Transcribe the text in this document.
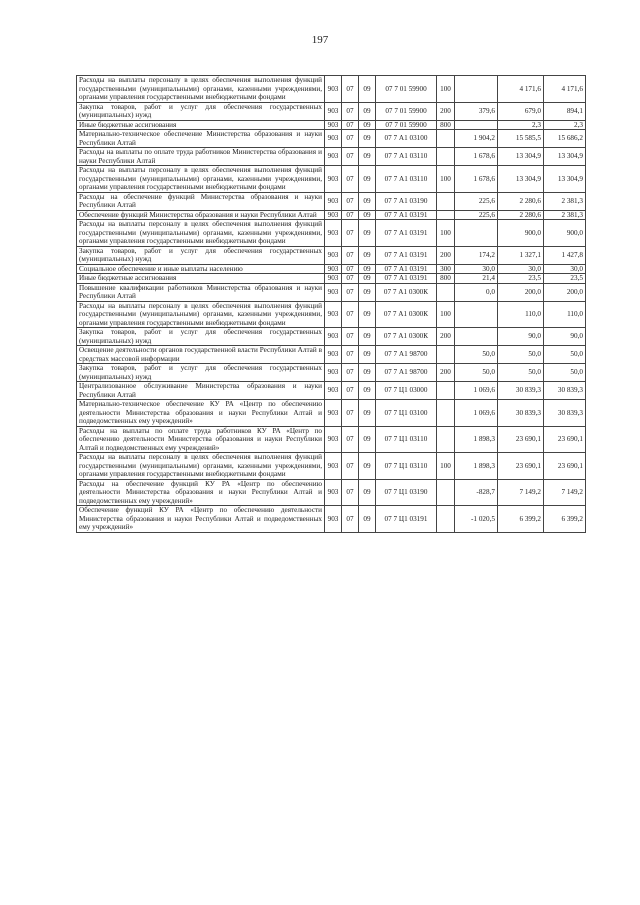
197
Расходы на выплаты персоналу в целях обеспечения выполнения функций государственными (муниципальными) органами, казенными учреждениями, органами управления государственными внебюджетными фондами	903	07	09	07 7 01 59900	100		4 171,6	4 171,6
Закупка товаров, работ и услуг для обеспечения государственных (муниципальных) нужд	903	07	09	07 7 01 59900	200	379,6	679,0	894,1
Иные бюджетные ассигнования	903	07	09	07 7 01 59900	800		2,3	2,3
Материально-техническое обеспечение Министерства образования и науки Республики Алтай	903	07	09	07 7 А1 03100		1 904,2	15 585,5	15 686,2
Расходы на выплаты по оплате труда работников Министерства образования и науки Республики Алтай	903	07	09	07 7 А1 03110		1 678,6	13 304,9	13 304,9
Расходы на выплаты персоналу в целях обеспечения выполнения функций государственными (муниципальными) органами, казенными учреждениями, органами управления государственными внебюджетными фондами	903	07	09	07 7 А1 03110	100	1 678,6	13 304,9	13 304,9
Расходы на обеспечение функций Министерства образования и науки Республики Алтай	903	07	09	07 7 А1 03190		225,6	2 280,6	2 381,3
Обеспечение функций Министерства образования и науки Республики Алтай	903	07	09	07 7 А1 03191		225,6	2 280,6	2 381,3
Расходы на выплаты персоналу в целях обеспечения выполнения функций государственными (муниципальными) органами, казенными учреждениями, органами управления государственными внебюджетными фондами	903	07	09	07 7 А1 03191	100		900,0	900,0
Закупка товаров, работ и услуг для обеспечения государственных (муниципальных) нужд	903	07	09	07 7 А1 03191	200	174,2	1 327,1	1 427,8
Социальное обеспечение и иные выплаты населению	903	07	09	07 7 А1 03191	300	30,0	30,0	30,0
Иные бюджетные ассигнования	903	07	09	07 7 А1 03191	800	21,4	23,5	23,5
Повышение квалификации работников Министерства образования и науки Республики Алтай	903	07	09	07 7 А1 0300К		0,0	200,0	200,0
Расходы на выплаты персоналу в целях обеспечения выполнения функций государственными (муниципальными) органами, казенными учреждениями, органами управления государственными внебюджетными фондами	903	07	09	07 7 А1 0300К	100		110,0	110,0
Закупка товаров, работ и услуг для обеспечения государственных (муниципальных) нужд	903	07	09	07 7 А1 0300К	200		90,0	90,0
Освещение деятельности органов государственной власти Республики Алтай в средствах массовой информации	903	07	09	07 7 А1 98700		50,0	50,0	50,0
Закупка товаров, работ и услуг для обеспечения государственных (муниципальных) нужд	903	07	09	07 7 А1 98700	200	50,0	50,0	50,0
Централизованное обслуживание Министерства образования и науки Республики Алтай	903	07	09	07 7 Ц1 03000		1 069,6	30 839,3	30 839,3
Материально-техническое обеспечение КУ РА «Центр по обеспечению деятельности Министерства образования и науки Республики Алтай и подведомственных ему учреждений»	903	07	09	07 7 Ц1 03100		1 069,6	30 839,3	30 839,3
Расходы на выплаты по оплате труда работников КУ РА «Центр по обеспечению деятельности Министерства образования и науки Республики Алтай и подведомственных ему учреждений»	903	07	09	07 7 Ц1 03110		1 898,3	23 690,1	23 690,1
Расходы на выплаты персоналу в целях обеспечения выполнения функций государственными (муниципальными) органами, казенными учреждениями, органами управления государственными внебюджетными фондами	903	07	09	07 7 Ц1 03110	100	1 898,3	23 690,1	23 690,1
Расходы на обеспечение функций КУ РА «Центр по обеспечению деятельности Министерства образования и науки Республики Алтай и подведомственных ему учреждений»	903	07	09	07 7 Ц1 03190		-828,7	7 149,2	7 149,2
Обеспечение функций КУ РА «Центр по обеспечению деятельности Министерства образования и науки Республики Алтай и подведомственных ему учреждений»	903	07	09	07 7 Ц1 03191		-1 020,5	6 399,2	6 399,2
